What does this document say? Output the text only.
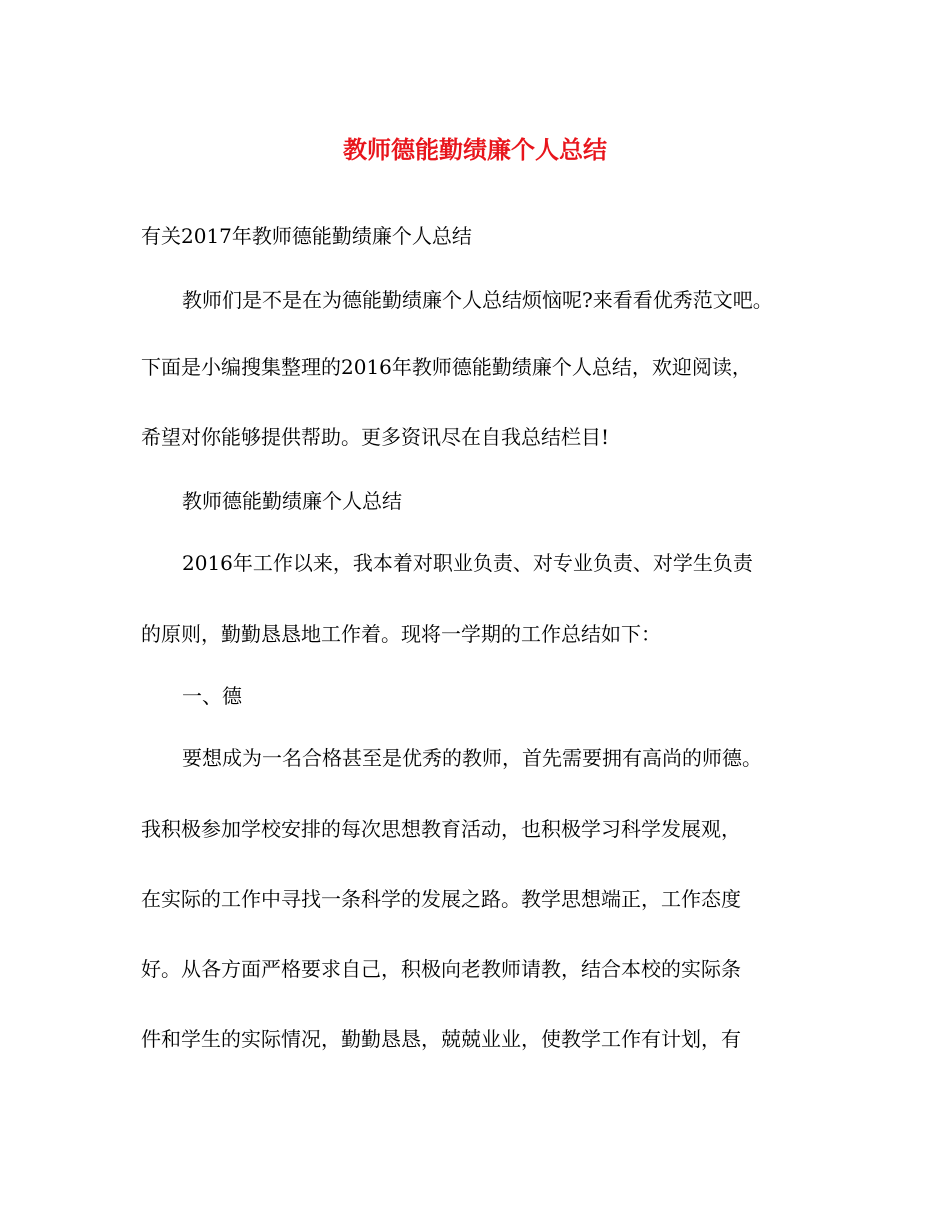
教师德能勤绩廉个人总结
有关2017年教师德能勤绩廉个人总结
教师们是不是在为德能勤绩廉个人总结烦恼呢?来看看优秀范文吧。
下面是小编搜集整理的2016年教师德能勤绩廉个人总结，欢迎阅读，
希望对你能够提供帮助。更多资讯尽在自我总结栏目!
教师德能勤绩廉个人总结
2016年工作以来，我本着对职业负责、对专业负责、对学生负责
的原则，勤勤恳恳地工作着。现将一学期的工作总结如下：
一、德
要想成为一名合格甚至是优秀的教师，首先需要拥有高尚的师德。
我积极参加学校安排的每次思想教育活动，也积极学习科学发展观，
在实际的工作中寻找一条科学的发展之路。教学思想端正，工作态度
好。从各方面严格要求自己，积极向老教师请教，结合本校的实际条
件和学生的实际情况，勤勤恳恳，兢兢业业，使教学工作有计划，有
